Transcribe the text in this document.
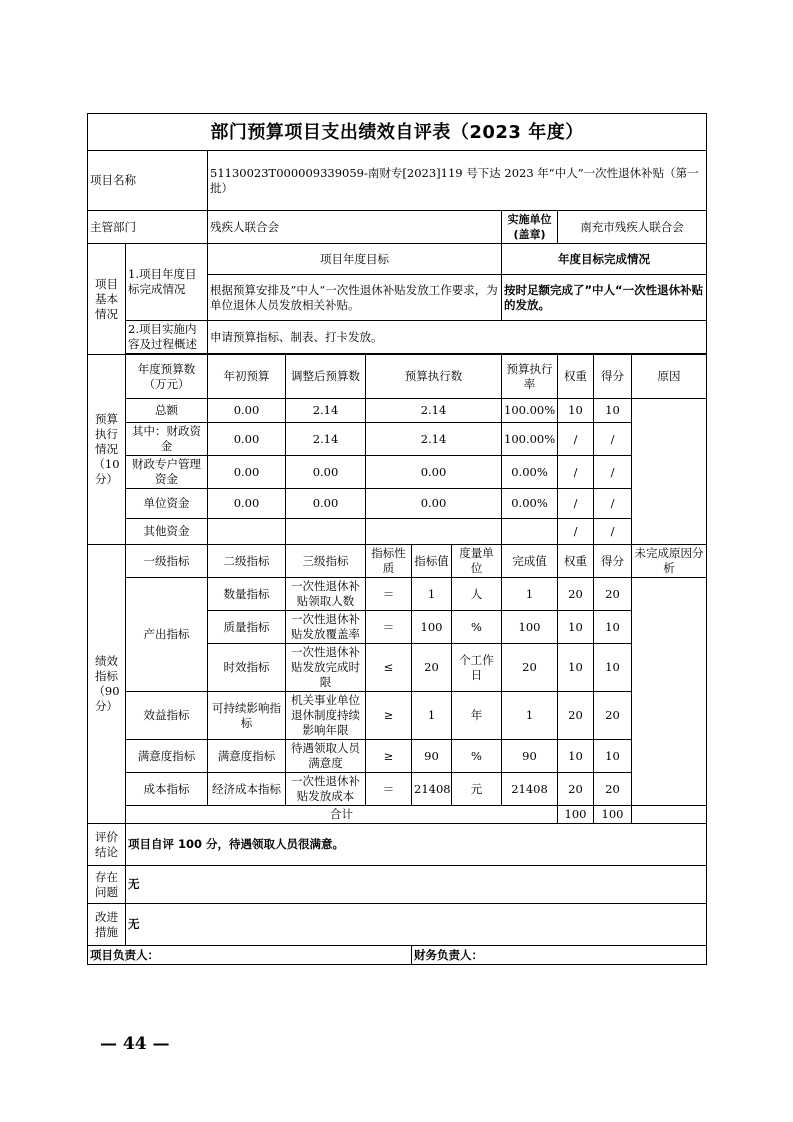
部门预算项目支出绩效自评表（2023 年度）										
项目名称		51130023T000009339059-南财专[2023]119 号下达 2023 年“中人”一次性退休补贴（第一批）								
主管部门		残疾人联合会					实施单位
(盖章)	南充市残疾人联合会		
项目基本情况	1.项目年度目标完成情况	项目年度目标					年度目标完成情况			
		根据预算安排及”中人“一次性退休补贴发放工作要求，为单位退休人员发放相关补贴。					按时足额完成了”中人“一次性退休补贴的发放。			
	2.项目实施内容及过程概述	申请预算指标、制表、打卡发放。								

预算执行情况（10分）	年度预算数（万元）	年初预算	调整后预算数	预算执行数			预算执行率	权重	得分	原因
	总额	0.00	2.14	2.14			100.00%	10	10	
	其中：财政资金	0.00	2.14	2.14			100.00%	/	/	
	财政专户管理资金	0.00	0.00	0.00			0.00%	/	/	
	单位资金	0.00	0.00	0.00			0.00%	/	/	
	其他资金							/	/	
绩效指标（90分）	一级指标	二级指标	三级指标	指标性质	指标值	度量单位	完成值	权重	得分	未完成原因分析
	产出指标	数量指标	一次性退休补贴领取人数	＝	1	人	1	20	20	
		质量指标	一次性退休补贴发放覆盖率	＝	100	%	100	10	10	
		时效指标	一次性退休补贴发放完成时限	≤	20	个工作日	20	10	10	
	效益指标	可持续影响指标	机关事业单位退休制度持续影响年限	≥	1	年	1	20	20	
	满意度指标	满意度指标	待遇领取人员满意度	≥	90	%	90	10	10	
	成本指标	经济成本指标	一次性退休补贴发放成本	＝	21408	元	21408	20	20	
	合计							100	100	
评价结论	项目自评 100 分，待遇领取人员很满意。									
存在问题	无									
改进措施	无									
项目负责人：					财务负责人：					
— 44 —
